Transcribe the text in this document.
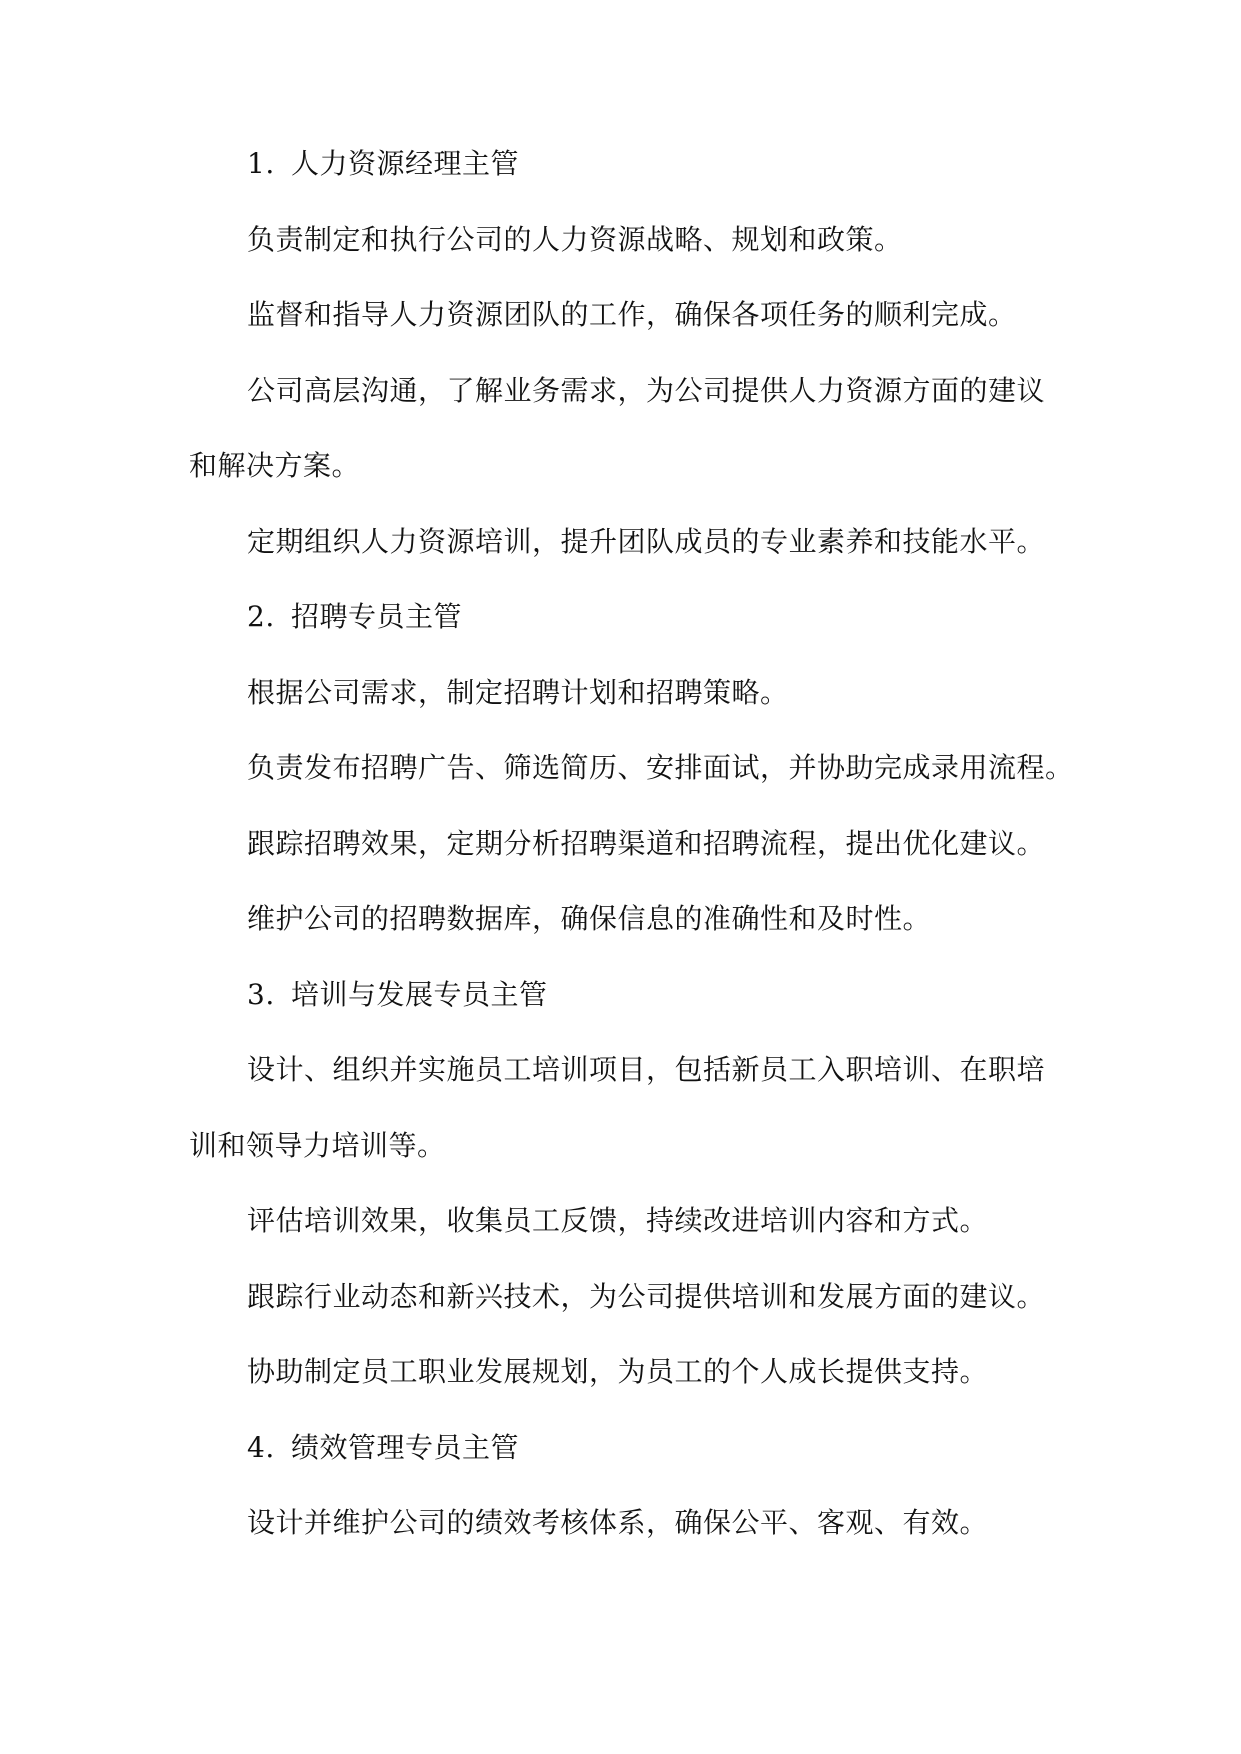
1. 人力资源经理主管
负责制定和执行公司的人力资源战略、规划和政策。
监督和指导人力资源团队的工作，确保各项任务的顺利完成。
公司高层沟通，了解业务需求，为公司提供人力资源方面的建议
和解决方案。
定期组织人力资源培训，提升团队成员的专业素养和技能水平。
2. 招聘专员主管
根据公司需求，制定招聘计划和招聘策略。
负责发布招聘广告、筛选简历、安排面试，并协助完成录用流程。
跟踪招聘效果，定期分析招聘渠道和招聘流程，提出优化建议。
维护公司的招聘数据库，确保信息的准确性和及时性。
3. 培训与发展专员主管
设计、组织并实施员工培训项目，包括新员工入职培训、在职培
训和领导力培训等。
评估培训效果，收集员工反馈，持续改进培训内容和方式。
跟踪行业动态和新兴技术，为公司提供培训和发展方面的建议。
协助制定员工职业发展规划，为员工的个人成长提供支持。
4. 绩效管理专员主管
设计并维护公司的绩效考核体系，确保公平、客观、有效。
